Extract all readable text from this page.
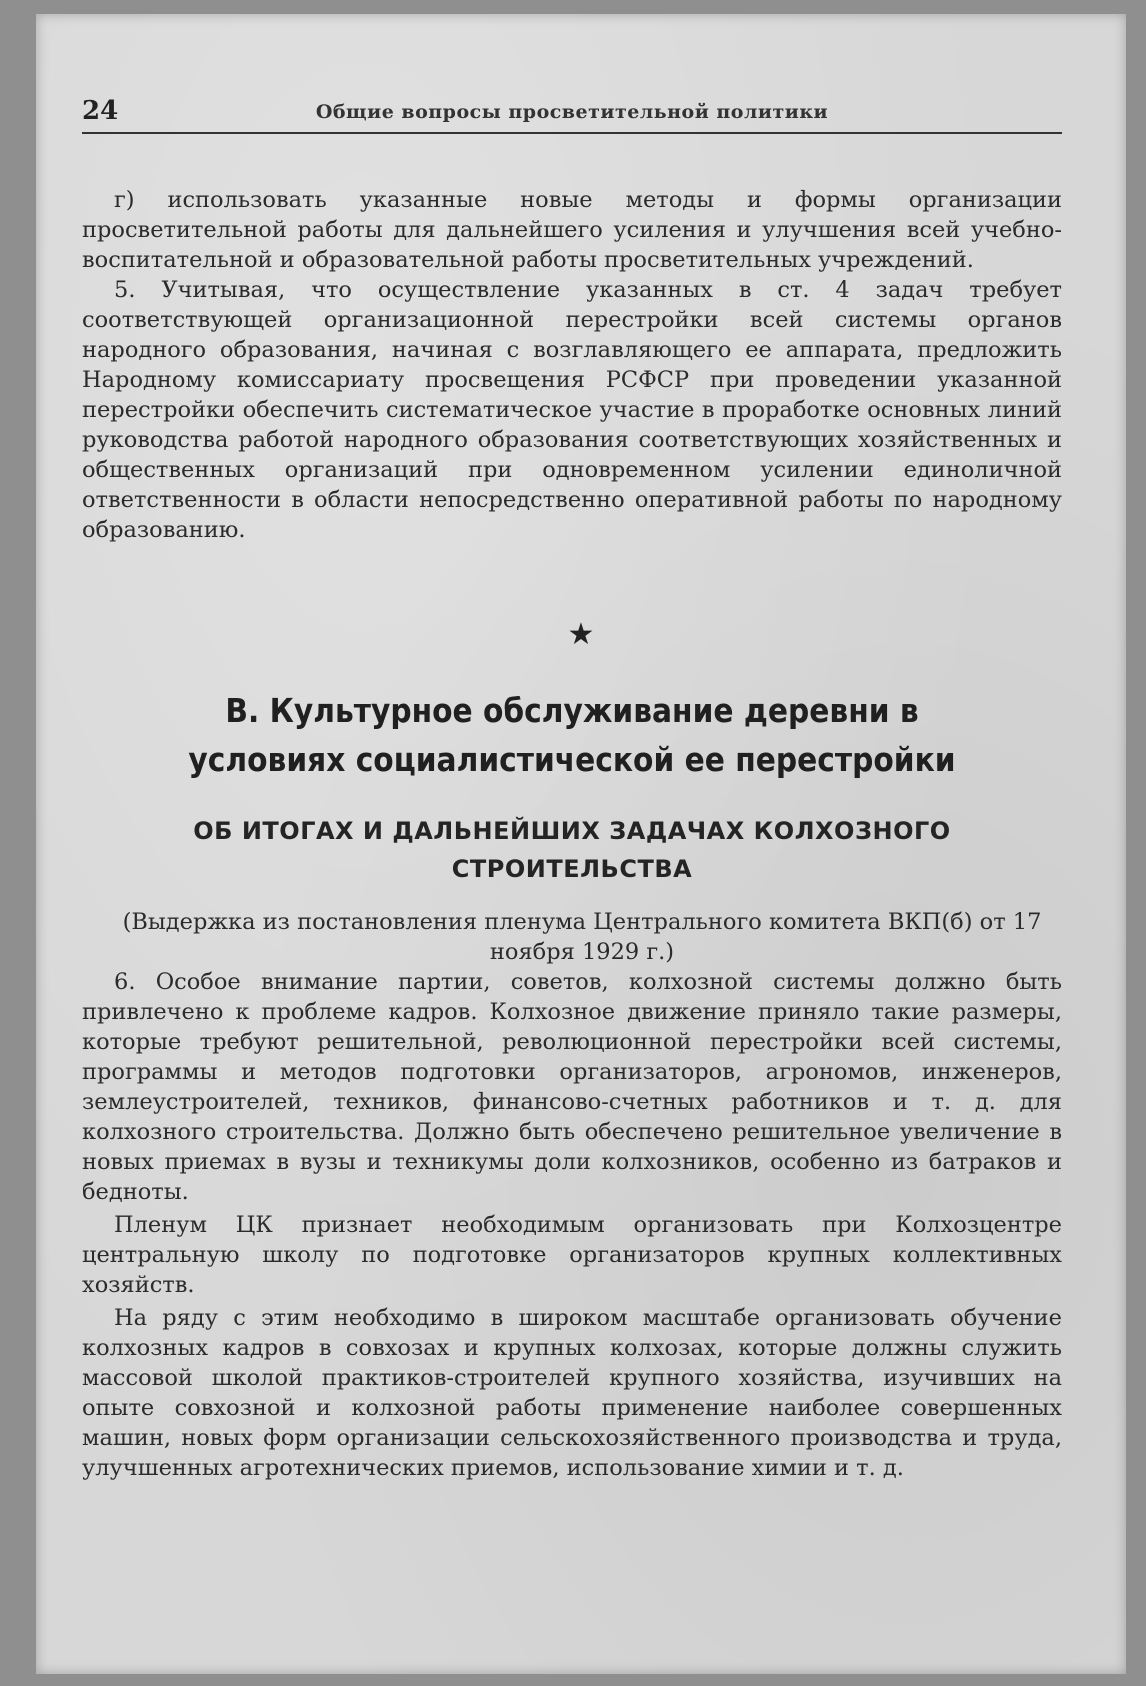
24	Общие вопросы просветительной политики

г) использовать указанные новые методы и формы организации просветительной работы для дальнейшего усиления и улучшения всей учебно-воспитательной и образовательной работы просветительных учреждений.

5. Учитывая, что осуществление указанных в ст. 4 задач требует соответствующей организационной перестройки всей системы органов народного образования, начиная с возглавляющего ее аппарата, предложить Народному комиссариату просвещения РСФСР при проведении указанной перестройки обеспечить систематическое участие в проработке основных линий руководства работой народного образования соответствующих хозяйственных и общественных организаций при одновременном усилении единоличной ответственности в области непосредственно оперативной работы по народному образованию.

★
В. Культурное обслуживание деревни в условиях социалистической ее перестройки
ОБ ИТОГАХ И ДАЛЬНЕЙШИХ ЗАДАЧАХ КОЛХОЗНОГО СТРОИТЕЛЬСТВА
(Выдержка из постановления пленума Центрального комитета ВКП(б) от 17 ноября 1929 г.)

6. Особое внимание партии, советов, колхозной системы должно быть привлечено к проблеме кадров. Колхозное движение приняло такие размеры, которые требуют решительной, революционной перестройки всей системы, программы и методов подготовки организаторов, агрономов, инженеров, землеустроителей, техников, финансово-счетных работников и т. д. для колхозного строительства. Должно быть обеспечено решительное увеличение в новых приемах в вузы и техникумы доли колхозников, особенно из батраков и бедноты.

Пленум ЦК признает необходимым организовать при Колхозцентре центральную школу по подготовке организаторов крупных коллективных хозяйств.

На ряду с этим необходимо в широком масштабе организовать обучение колхозных кадров в совхозах и крупных колхозах, которые должны служить массовой школой практиков-строителей крупного хозяйства, изучивших на опыте совхозной и колхозной работы применение наиболее совершенных машин, новых форм организации сельскохозяйственного производства и труда, улучшенных агротехнических приемов, использование химии и т. д.
